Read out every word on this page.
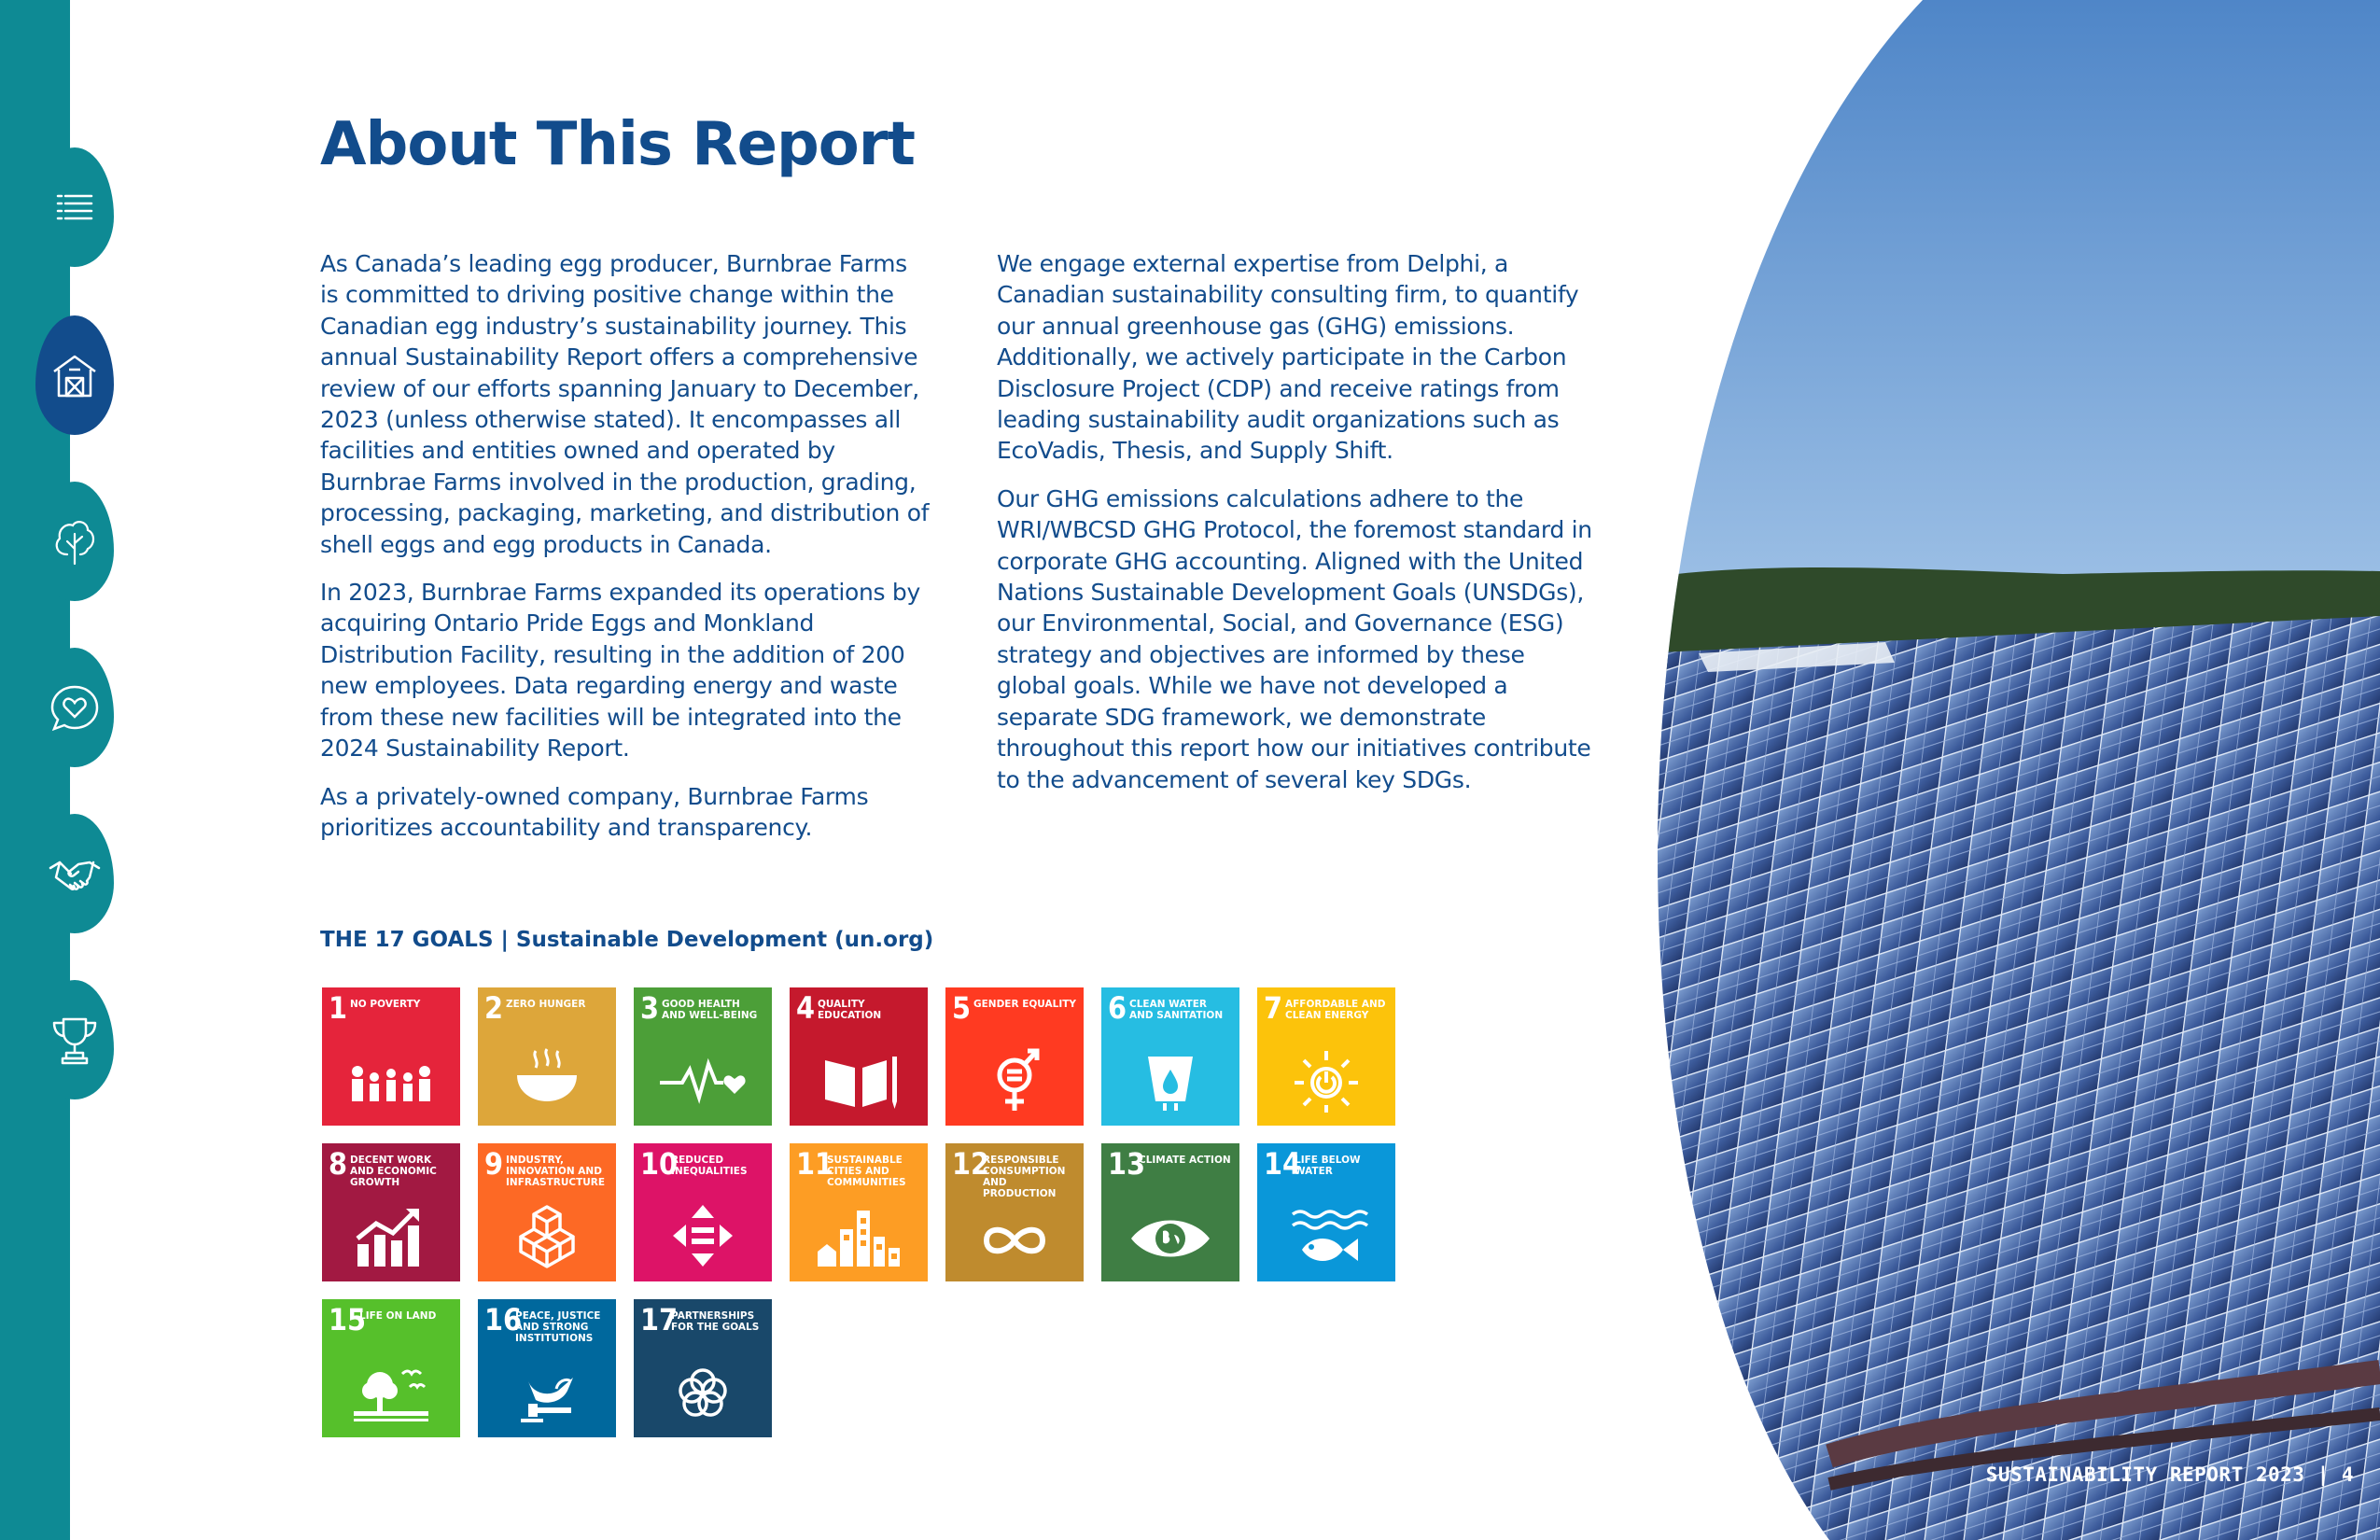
About This Report

As Canada’s leading egg producer, Burnbrae Farms is committed to driving positive change within the Canadian egg industry’s sustainability journey. This annual Sustainability Report offers a comprehensive review of our efforts spanning January to December, 2023 (unless otherwise stated). It encompasses all facilities and entities owned and operated by Burnbrae Farms involved in the production, grading, processing, packaging, marketing, and distribution of shell eggs and egg products in Canada.

In 2023, Burnbrae Farms expanded its operations by acquiring Ontario Pride Eggs and Monkland Distribution Facility, resulting in the addition of 200 new employees. Data regarding energy and waste from these new facilities will be integrated into the 2024 Sustainability Report.

As a privately-owned company, Burnbrae Farms prioritizes accountability and transparency.

We engage external expertise from Delphi, a Canadian sustainability consulting firm, to quantify our annual greenhouse gas (GHG) emissions. Additionally, we actively participate in the Carbon Disclosure Project (CDP) and receive ratings from leading sustainability audit organizations such as EcoVadis, Thesis, and Supply Shift.

Our GHG emissions calculations adhere to the WRI/WBCSD GHG Protocol, the foremost standard in corporate GHG accounting. Aligned with the United Nations Sustainable Development Goals (UNSDGs), our Environmental, Social, and Governance (ESG) strategy and objectives are informed by these global goals. While we have not developed a separate SDG framework, we demonstrate throughout this report how our initiatives contribute to the advancement of several key SDGs.

THE 17 GOALS | Sustainable Development (un.org)
1 NO POVERTY	2 ZERO HUNGER	3 GOOD HEALTH AND WELL-BEING	4 QUALITY EDUCATION	5 GENDER EQUALITY 6 CLEAN WATER AND SANITATION	7 AFFORDABLE AND CLEAN ENERGY
8 DECENT WORK AND ECONOMIC GROWTH
9 INDUSTRY, INNOVATION AND INFRASTRUCTURE
10
REDUCED INEQUALITIES	11
SUSTAINABLE CITIES AND COMMUNITIES
12
RESPONSIBLE CONSUMPTION AND PRODUCTION
13
CLIMATE ACTION 14
LIFE BELOW WATER
15
LIFE ON LAND	16
PEACE, JUSTICE AND STRONG INSTITUTIONS
17
PARTNERSHIPS FOR THE GOALS
SUSTAINABILITY REPORT 2023 | 4
